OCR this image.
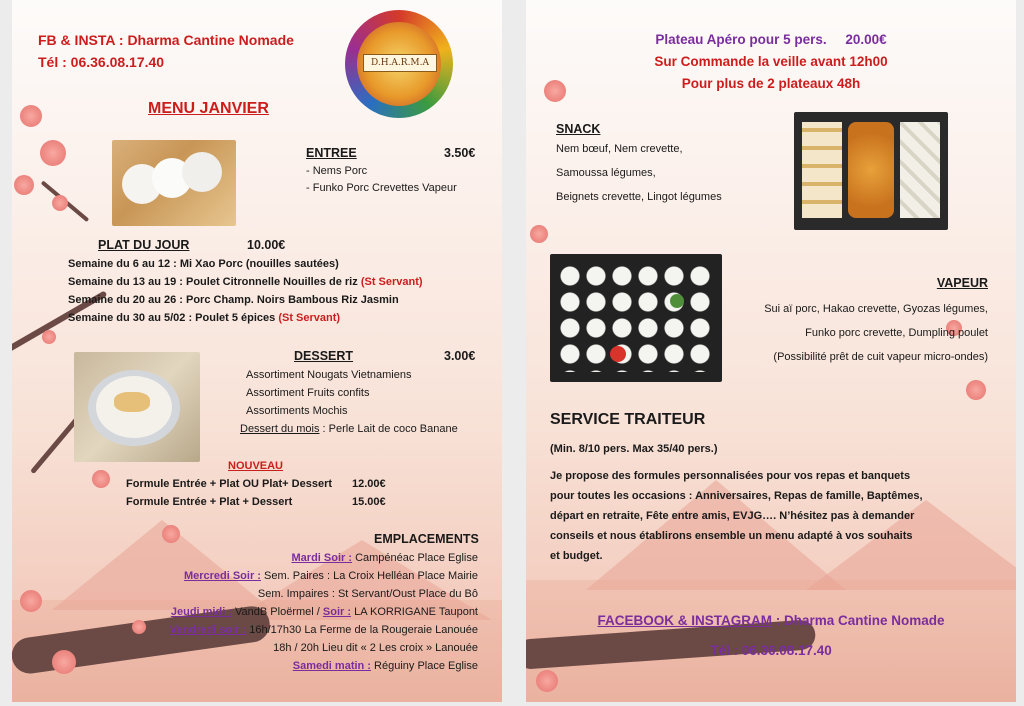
FB & INSTA : Dharma Cantine Nomade
Tél : 06.36.08.17.40	D.H.A.R.M.A
MENU JANVIER
ENTREE	3.50€
- Nems Porc
- Funko Porc Crevettes Vapeur
PLAT DU JOUR	10.00€
Semaine du 6 au 12 : Mi Xao Porc (nouilles sautées)
Semaine du 13 au 19 : Poulet Citronnelle Nouilles de riz (St Servant)
Semaine du 20 au 26 : Porc Champ. Noirs Bambous Riz Jasmin
Semaine du 30 au 5/02 : Poulet 5 épices (St Servant)
DESSERT	3.00€
Assortiment Nougats Vietnamiens
Assortiment Fruits confits
Assortiments Mochis
Dessert du mois : Perle Lait de coco Banane
NOUVEAU
Formule Entrée + Plat OU Plat+ Dessert 12.00€
Formule Entrée + Plat + Dessert	15.00€
EMPLACEMENTS
Mardi Soir : Campénéac Place Eglise
Mercredi Soir : Sem. Paires : La Croix Helléan Place Mairie
Sem. Impaires : St Servant/Oust Place du Bô
Jeudi midi : VandB Ploërmel / Soir : LA KORRIGANE Taupont
Vendredi soir : 16h/17h30 La Ferme de la Rougeraie Lanouée
18h / 20h Lieu dit « 2 Les croix » Lanouée
Samedi matin : Réguiny Place Eglise
Plateau Apéro pour 5 pers.     20.00€
Sur Commande la veille avant 12h00
Pour plus de 2 plateaux 48h
SNACK
Nem bœuf, Nem crevette,
Samoussa légumes,
Beignets crevette, Lingot légumes
VAPEUR
Sui aï porc, Hakao crevette, Gyozas légumes,
Funko porc crevette, Dumpling poulet
(Possibilité prêt de cuit vapeur micro-ondes)
SERVICE TRAITEUR
(Min. 8/10 pers. Max 35/40 pers.)
Je propose des formules personnalisées pour vos repas et banquets
pour toutes les occasions : Anniversaires, Repas de famille, Baptêmes,
départ en retraite, Fête entre amis, EVJG…. N’hésitez pas à demander
conseils et nous établirons ensemble un menu adapté à vos souhaits
et budget.
FACEBOOK & INSTAGRAM : Dharma Cantine Nomade
Tél : 06.36.08.17.40
